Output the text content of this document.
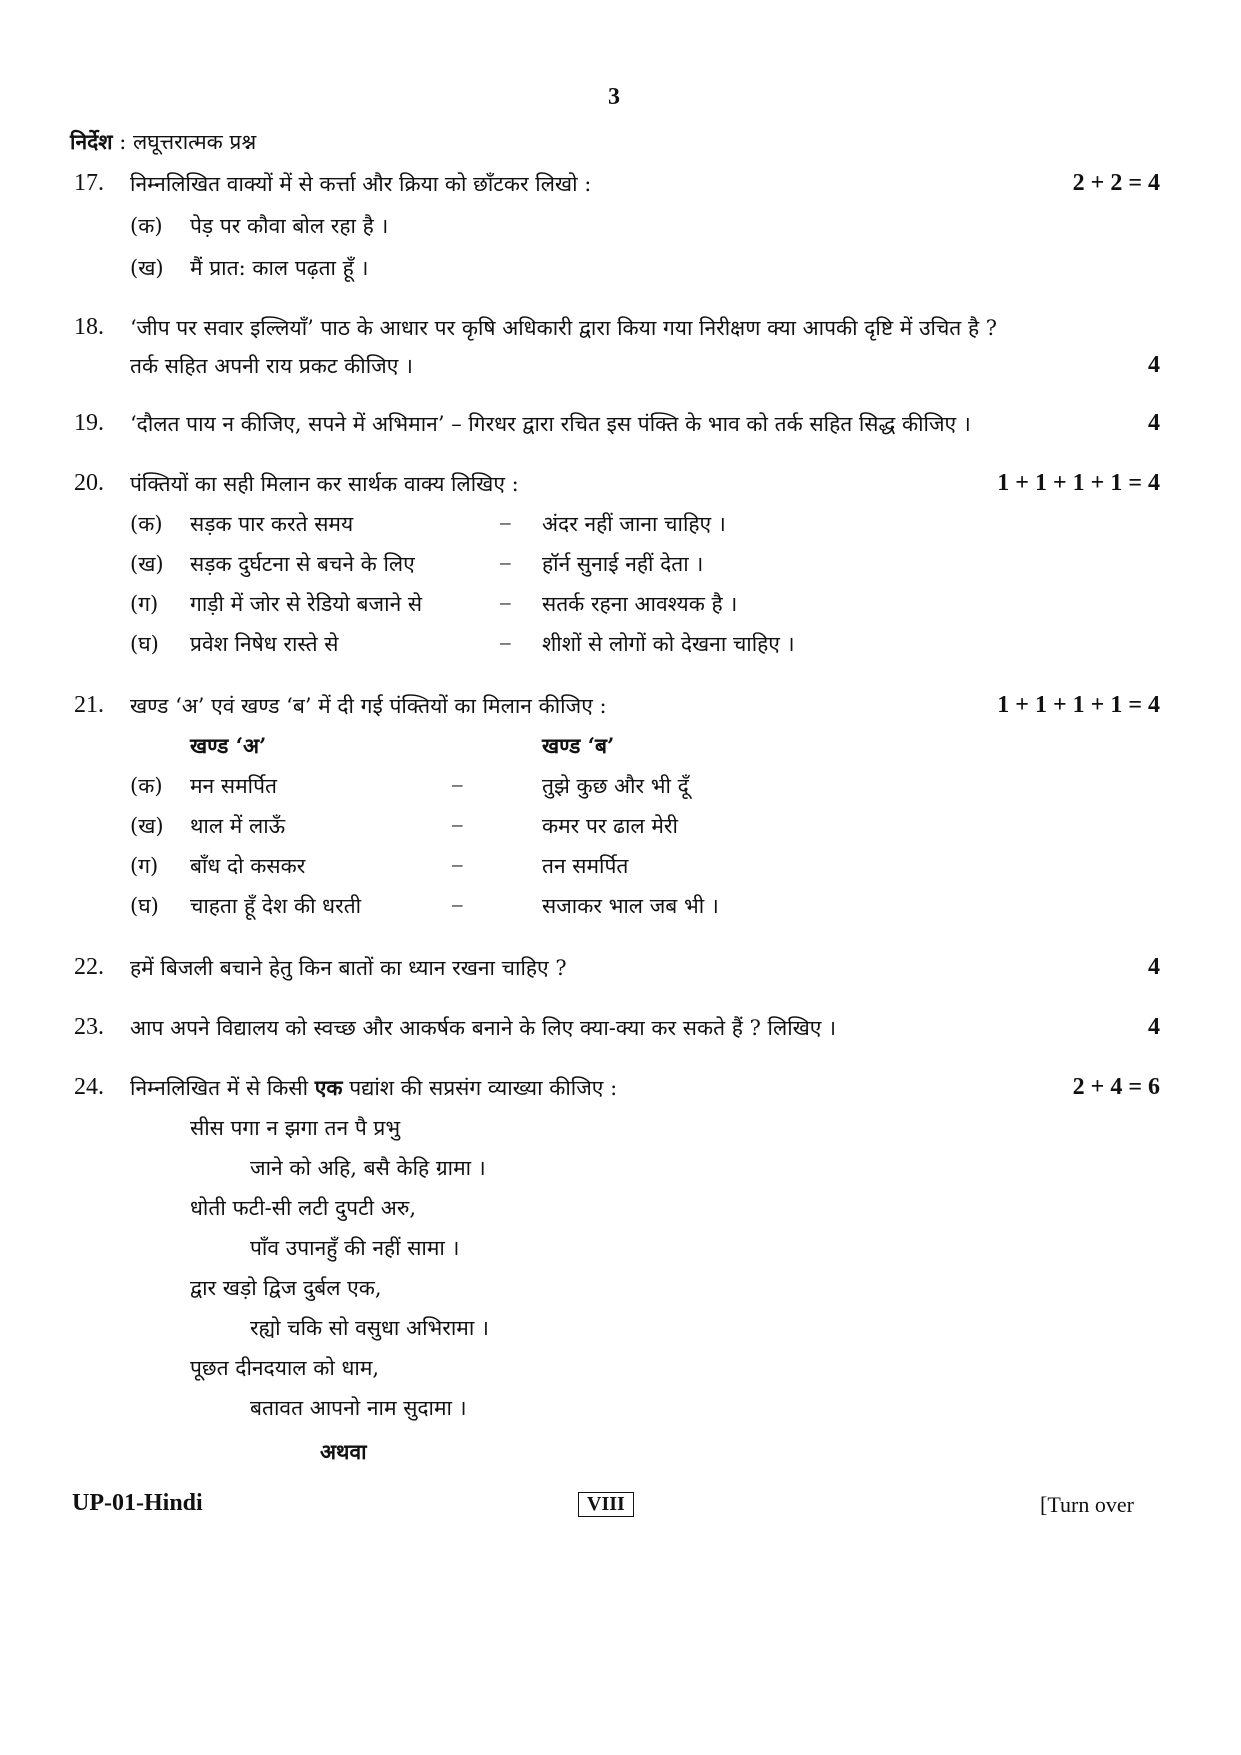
3
निर्देश : लघूत्तरात्मक प्रश्न
17. निम्नलिखित वाक्यों में से कर्त्ता और क्रिया को छाँटकर लिखो :	2 + 2 = 4
(क) पेड़ पर कौवा बोल रहा है ।
(ख) मैं प्रात: काल पढ़ता हूँ ।
18. ‘जीप पर सवार इल्लियाँ’ पाठ के आधार पर कृषि अधिकारी द्वारा किया गया निरीक्षण क्या आपकी दृष्टि में उचित है ?
तर्क सहित अपनी राय प्रकट कीजिए ।	4
19. ‘दौलत पाय न कीजिए, सपने में अभिमान’ – गिरधर द्वारा रचित इस पंक्ति के भाव को तर्क सहित सिद्ध कीजिए ।	4
20. पंक्तियों का सही मिलान कर सार्थक वाक्य लिखिए :	1 + 1 + 1 + 1 = 4
(क) सड़क पार करते समय	– अंदर नहीं जाना चाहिए ।
(ख) सड़क दुर्घटना से बचने के लिए	– हॉर्न सुनाई नहीं देता ।
(ग) गाड़ी में जोर से रेडियो बजाने से	– सतर्क रहना आवश्यक है ।
(घ) प्रवेश निषेध रास्ते से	– शीशों से लोगों को देखना चाहिए ।
21. खण्ड ‘अ’ एवं खण्ड ‘ब’ में दी गई पंक्तियों का मिलान कीजिए :	1 + 1 + 1 + 1 = 4
खण्ड ‘अ’	खण्ड ‘ब’
(क) मन समर्पित	–	तुझे कुछ और भी दूँ
(ख) थाल में लाऊँ	–	कमर पर ढाल मेरी
(ग) बाँध दो कसकर	–	तन समर्पित
(घ) चाहता हूँ देश की धरती	–	सजाकर भाल जब भी ।
22. हमें बिजली बचाने हेतु किन बातों का ध्यान रखना चाहिए ?	4
23. आप अपने विद्यालय को स्वच्छ और आकर्षक बनाने के लिए क्या-क्या कर सकते हैं ? लिखिए ।	4
24. निम्नलिखित में से किसी एक पद्यांश की सप्रसंग व्याख्या कीजिए :	2 + 4 = 6
सीस पगा न झगा तन पै प्रभु
जाने को अहि, बसै केहि ग्रामा ।
धोती फटी-सी लटी दुपटी अरु,
पाँव उपानहुँ की नहीं सामा ।
द्वार खड़ो द्विज दुर्बल एक,
रह्यो चकि सो वसुधा अभिरामा ।
पूछत दीनदयाल को धाम,
बतावत आपनो नाम सुदामा ।
अथवा
UP-01-Hindi	VIII	[Turn over
